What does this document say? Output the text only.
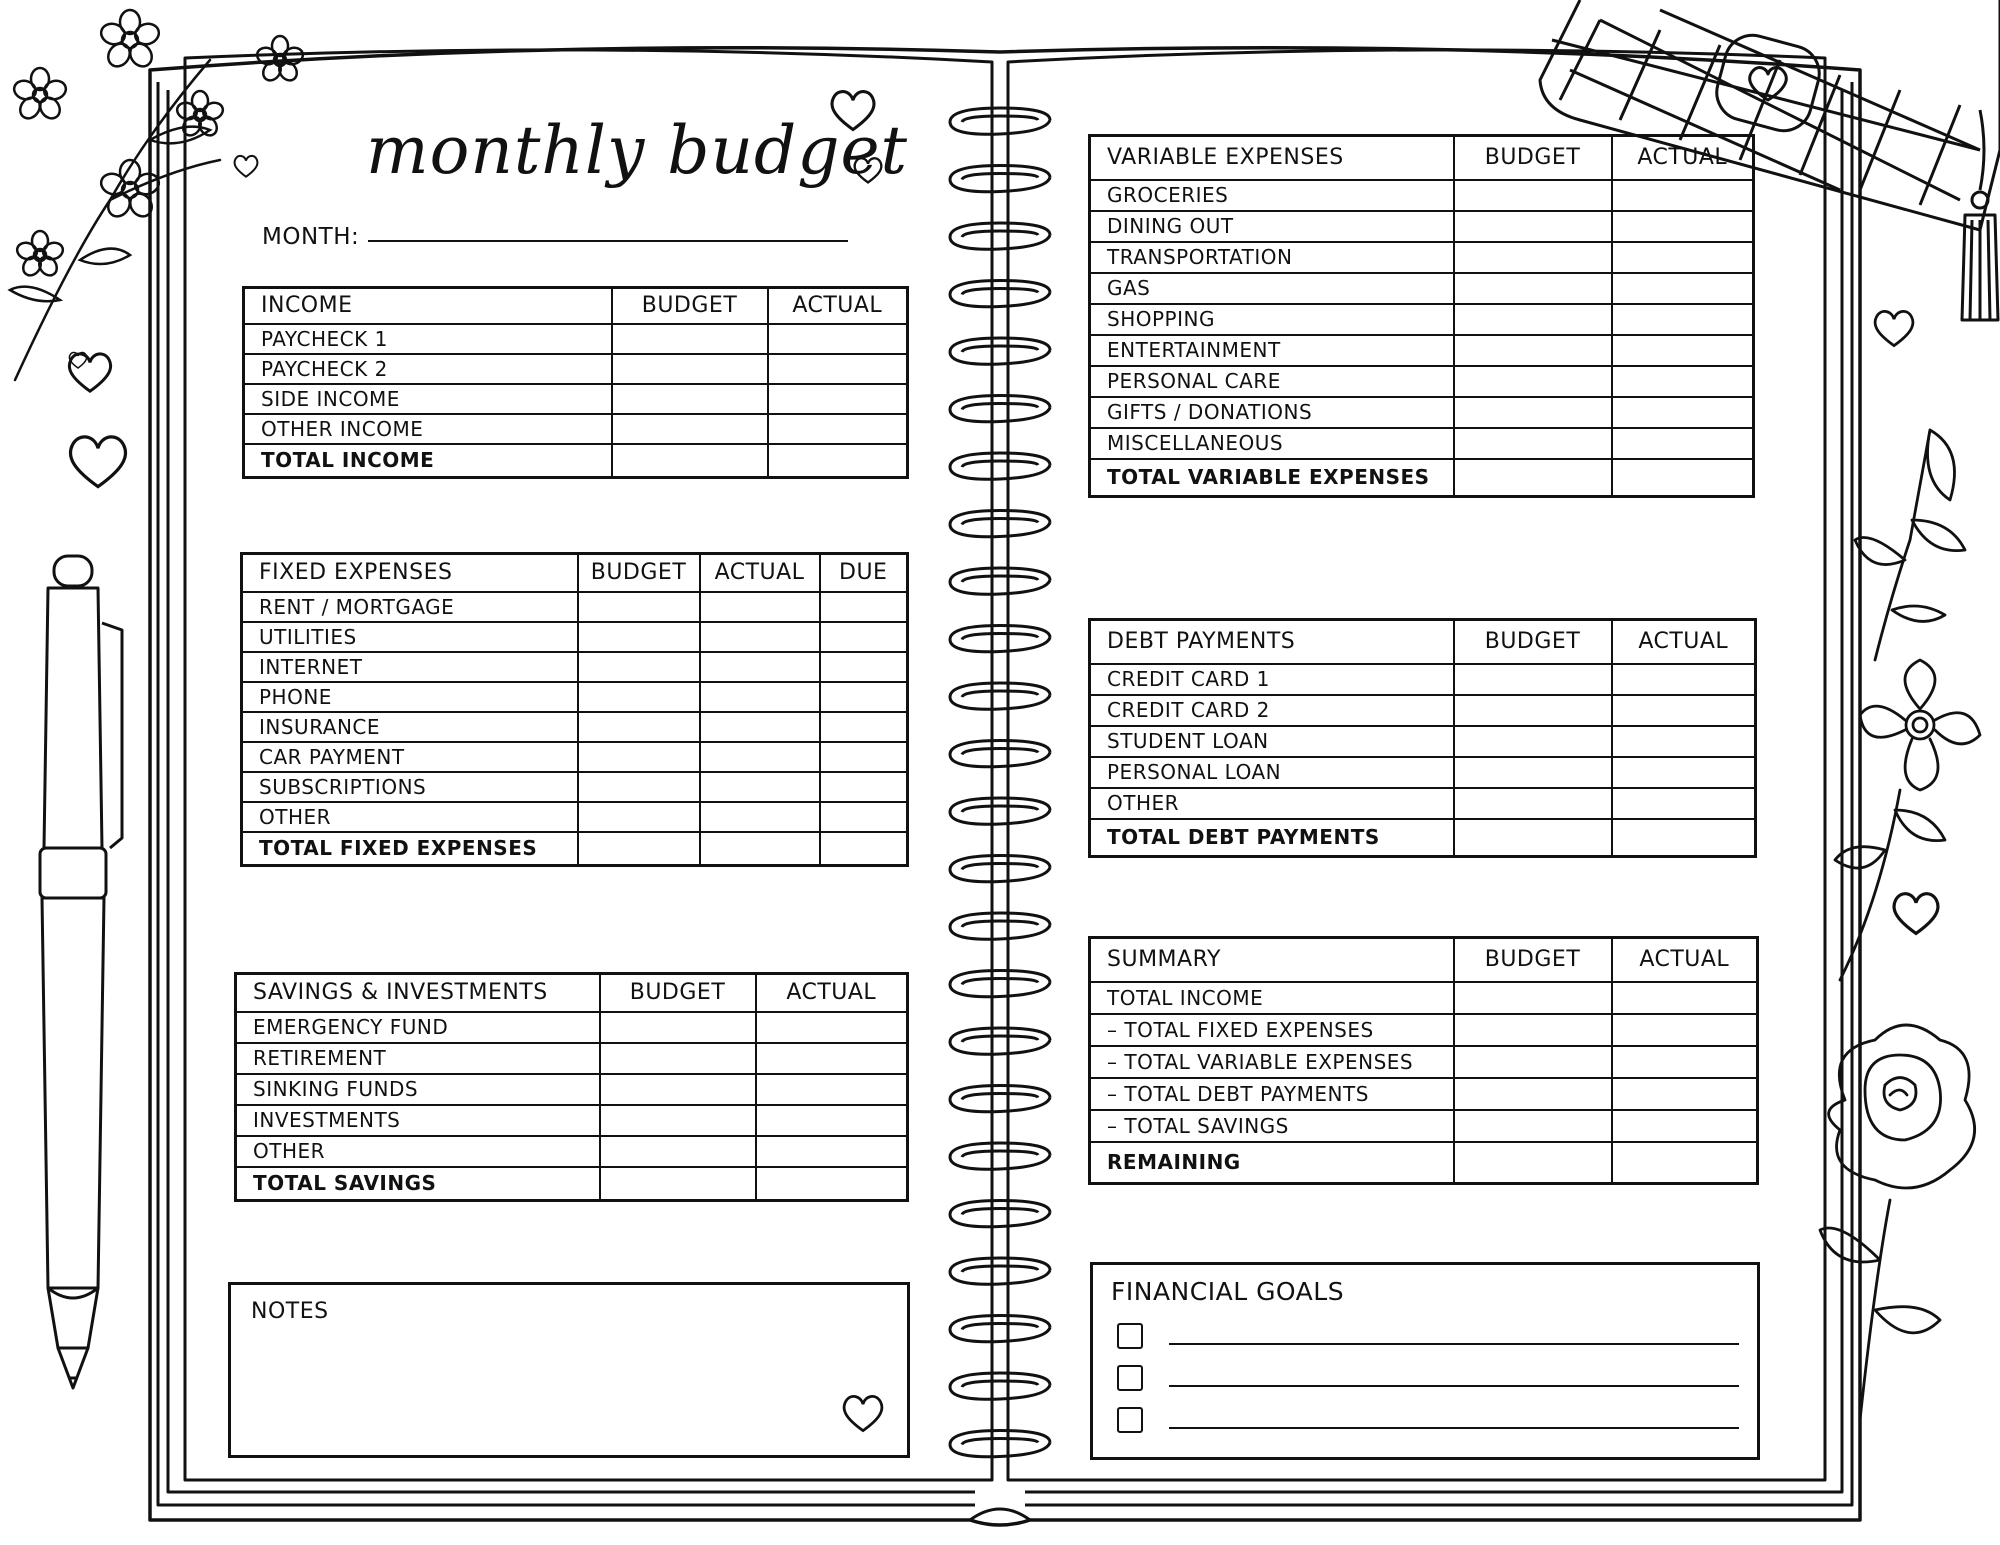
monthly budget
MONTH:
INCOME	BUDGET	ACTUAL
PAYCHECK 1		
PAYCHECK 2		
SIDE INCOME		
OTHER INCOME		
TOTAL INCOME		
FIXED EXPENSES	BUDGET	ACTUAL	DUE
RENT / MORTGAGE			
UTILITIES			
INTERNET			
PHONE			
INSURANCE			
CAR PAYMENT			
SUBSCRIPTIONS			
OTHER			
TOTAL FIXED EXPENSES			
SAVINGS & INVESTMENTS	BUDGET	ACTUAL
EMERGENCY FUND		
RETIREMENT		
SINKING FUNDS		
INVESTMENTS		
OTHER		
TOTAL SAVINGS		
NOTES
VARIABLE EXPENSES	BUDGET	ACTUAL
GROCERIES		
DINING OUT		
TRANSPORTATION		
GAS		
SHOPPING		
ENTERTAINMENT		
PERSONAL CARE		
GIFTS / DONATIONS		
MISCELLANEOUS		
TOTAL VARIABLE EXPENSES		
DEBT PAYMENTS	BUDGET	ACTUAL
CREDIT CARD 1		
CREDIT CARD 2		
STUDENT LOAN		
PERSONAL LOAN		
OTHER		
TOTAL DEBT PAYMENTS		
SUMMARY	BUDGET	ACTUAL
TOTAL INCOME		
– TOTAL FIXED EXPENSES		
– TOTAL VARIABLE EXPENSES		
– TOTAL DEBT PAYMENTS		
– TOTAL SAVINGS		
REMAINING		
FINANCIAL GOALS
